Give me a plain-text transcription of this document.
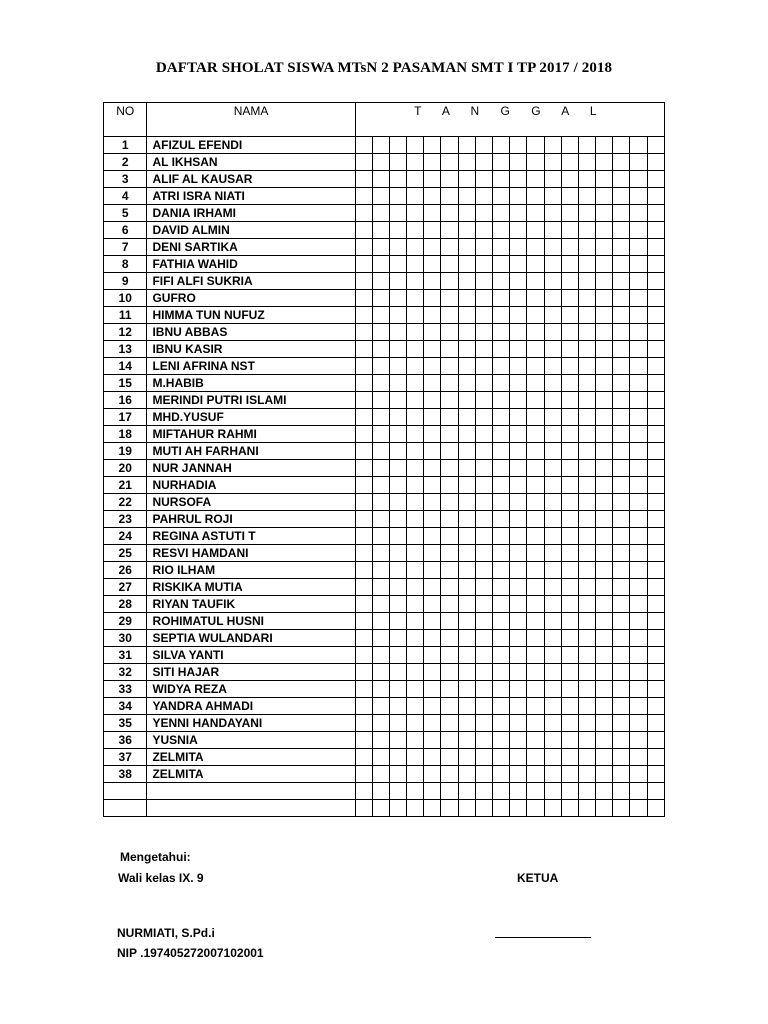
DAFTAR SHOLAT SISWA MTsN 2 PASAMAN SMT I TP 2017 / 2018
NO	NAMA	T A N G G A L																	
1	AFIZUL EFENDI																		
2	AL IKHSAN																		
3	ALIF AL KAUSAR																		
4	ATRI ISRA NIATI																		
5	DANIA IRHAMI																		
6	DAVID ALMIN																		
7	DENI SARTIKA																		
8	FATHIA WAHID																		
9	FIFI ALFI SUKRIA																		
10	GUFRO																		
11	HIMMA TUN NUFUZ																		
12	IBNU ABBAS																		
13	IBNU KASIR																		
14	LENI AFRINA NST																		
15	M.HABIB																		
16	MERINDI PUTRI ISLAMI																		
17	MHD.YUSUF																		
18	MIFTAHUR RAHMI																		
19	MUTI AH FARHANI																		
20	NUR JANNAH																		
21	NURHADIA																		
22	NURSOFA																		
23	PAHRUL ROJI																		
24	REGINA ASTUTI T																		
25	RESVI HAMDANI																		
26	RIO ILHAM																		
27	RISKIKA MUTIA																		
28	RIYAN TAUFIK																		
29	ROHIMATUL HUSNI																		
30	SEPTIA WULANDARI																		
31	SILVA YANTI																		
32	SITI HAJAR																		
33	WIDYA REZA																		
34	YANDRA AHMADI																		
35	YENNI HANDAYANI																		
36	YUSNIA																		
37	ZELMITA																		
38	ZELMITA																		

Mengetahui:
Wali kelas IX. 9	KETUA
NURMIATI, S.Pd.i
NIP .197405272007102001
